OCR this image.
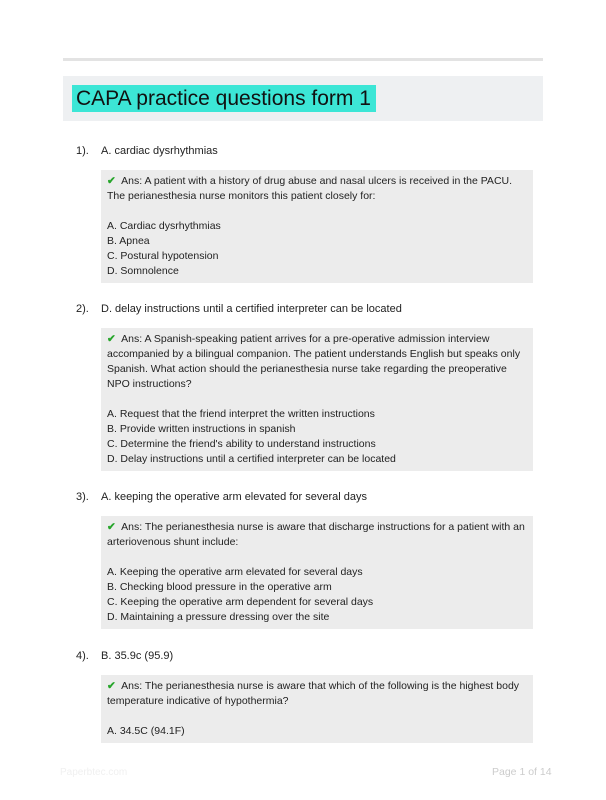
CAPA practice questions form 1
1). A. cardiac dysrhythmias
✔ Ans: A patient with a history of drug abuse and nasal ulcers is received in the PACU. The perianesthesia nurse monitors this patient closely for:
A. Cardiac dysrhythmias
B. Apnea
C. Postural hypotension
D. Somnolence
2). D. delay instructions until a certified interpreter can be located
✔ Ans: A Spanish-speaking patient arrives for a pre-operative admission interview accompanied by a bilingual companion. The patient understands English but speaks only Spanish. What action should the perianesthesia nurse take regarding the preoperative NPO instructions?
A. Request that the friend interpret the written instructions
B. Provide written instructions in spanish
C. Determine the friend's ability to understand instructions
D. Delay instructions until a certified interpreter can be located
3). A. keeping the operative arm elevated for several days
✔ Ans: The perianesthesia nurse is aware that discharge instructions for a patient with an arteriovenous shunt include:
A. Keeping the operative arm elevated for several days
B. Checking blood pressure in the operative arm
C. Keeping the operative arm dependent for several days
D. Maintaining a pressure dressing over the site
4). B. 35.9c (95.9)
✔ Ans: The perianesthesia nurse is aware that which of the following is the highest body temperature indicative of hypothermia?
A. 34.5C (94.1F)
Paperbtec.com	Page 1 of 14
